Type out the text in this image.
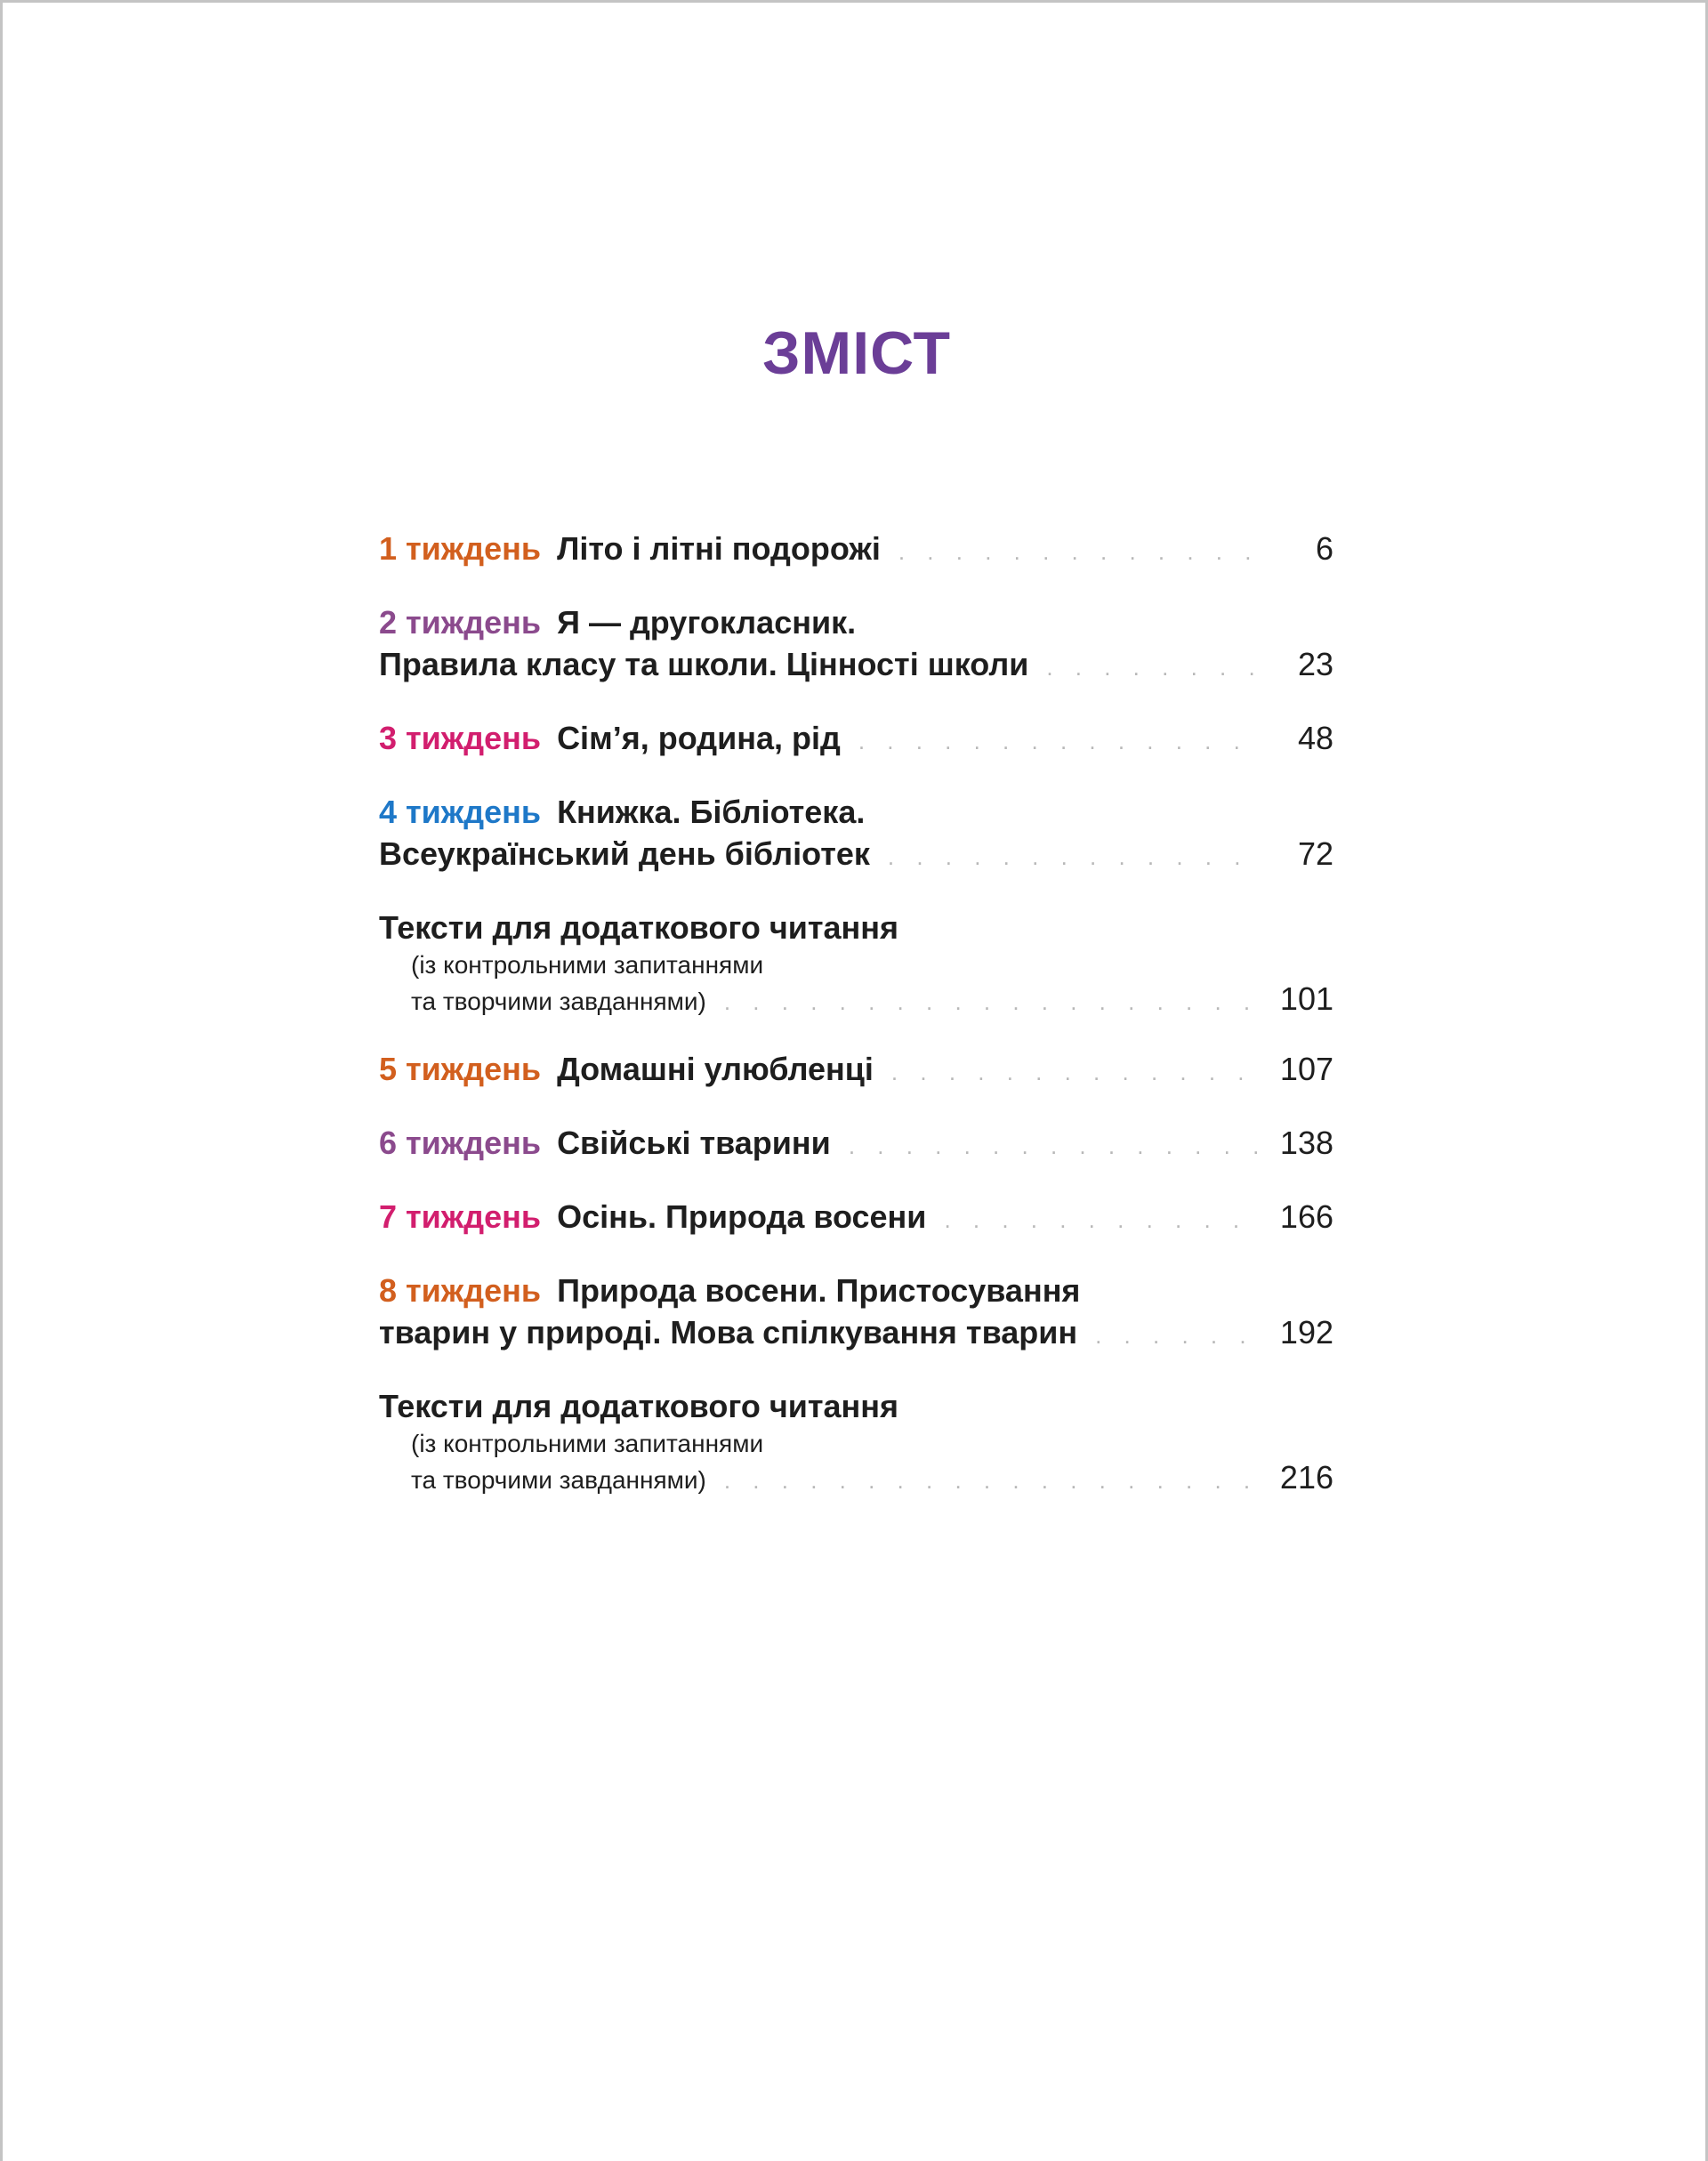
ЗМІСТ
1 тиждень Літо і літні подорожі . . .	6
2 тиждень Я — другокласник.
Правила класу та школи. Цінності школи . . .	23
3 тиждень Сім’я, родина, рід . . .	48
4 тиждень Книжка. Бібліотека.
Всеукраїнський день бібліотек . . .	72
Тексти для додаткового читання
(із контрольними запитаннями
та творчими завданнями) . . .	101
5 тиждень Домашні улюбленці . . .	107
6 тиждень Свійські тварини . . .	138
7 тиждень Осінь. Природа восени . . .	166
8 тиждень Природа восени. Пристосування
тварин у природі. Мова спілкування тварин . . .	192
Тексти для додаткового читання
(із контрольними запитаннями
та творчими завданнями) . . .	216
